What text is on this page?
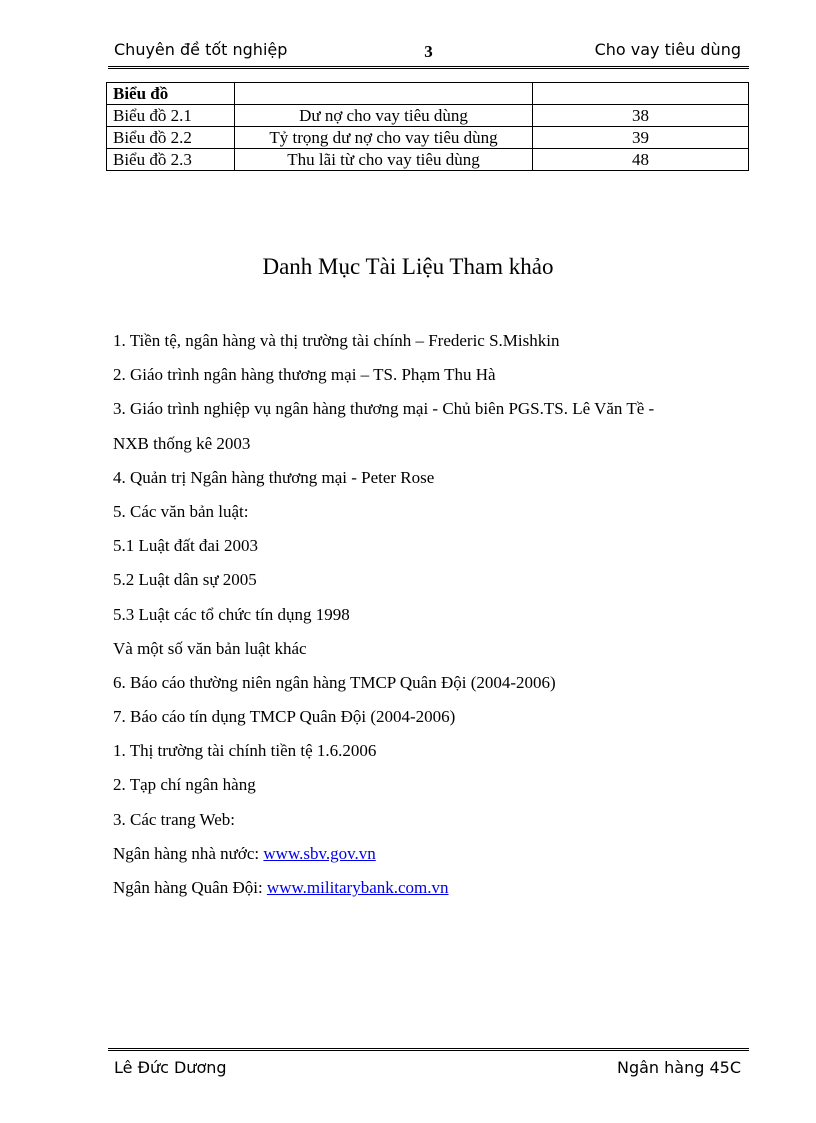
Chuyên đề tốt nghiệp	3	Cho vay tiêu dùng
Biểu đồ		
Biểu đồ 2.1	Dư nợ cho vay tiêu dùng	38
Biểu đồ 2.2	Tỷ trọng dư nợ cho vay tiêu dùng	39
Biểu đồ 2.3	Thu lãi từ cho vay tiêu dùng	48
Danh Mục Tài Liệu Tham khảo
1. Tiền tệ, ngân hàng và thị trường tài chính – Frederic S.Mishkin
2. Giáo trình ngân hàng thương mại – TS. Phạm Thu Hà
3. Giáo trình nghiệp vụ ngân hàng thương mại - Chủ biên PGS.TS. Lê Văn Tề -
NXB thống kê 2003
4. Quản trị Ngân hàng thương mại - Peter Rose
5. Các văn bản luật:
5.1 Luật đất đai 2003
5.2 Luật dân sự 2005
5.3 Luật các tổ chức tín dụng 1998
Và một số văn bản luật khác
6. Báo cáo thường niên ngân hàng TMCP Quân Đội (2004-2006)
7. Báo cáo tín dụng TMCP Quân Đội (2004-2006)
1. Thị trường tài chính tiền tệ 1.6.2006
2. Tạp chí ngân hàng
3. Các trang Web:
Ngân hàng nhà nước: www.sbv.gov.vn
Ngân hàng Quân Đội: www.militarybank.com.vn
Lê Đức Dương	Ngân hàng 45C
